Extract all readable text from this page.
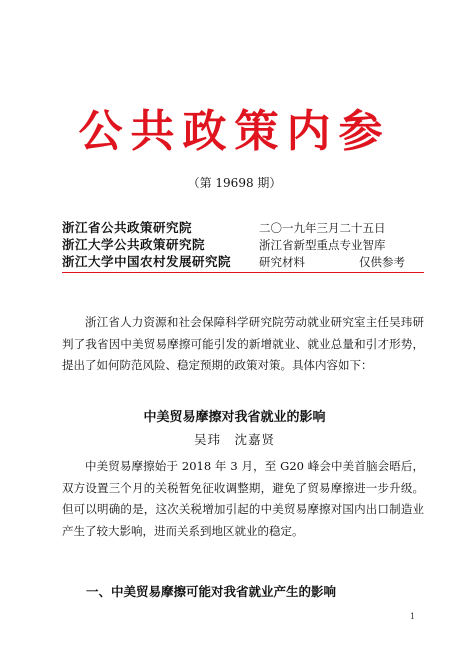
公共政策内参
（第 19698 期）
浙江省公共政策研究院	二〇一九年三月二十五日
浙江大学公共政策研究院	浙江省新型重点专业智库
浙江大学中国农村发展研究院 研究材料	仅供参考
浙江省人力资源和社会保障科学研究院劳动就业研究室主任吴玮研判了我省因中美贸易摩擦可能引发的新增就业、就业总量和引才形势，提出了如何防范风险、稳定预期的政策对策。具体内容如下：
中美贸易摩擦对我省就业的影响
吴玮　沈嘉贤
中美贸易摩擦始于 2018 年 3 月，至 G20 峰会中美首脑会晤后，双方设置三个月的关税暂免征收调整期，避免了贸易摩擦进一步升级。但可以明确的是，这次关税增加引起的中美贸易摩擦对国内出口制造业产生了较大影响，进而关系到地区就业的稳定。
一、中美贸易摩擦可能对我省就业产生的影响
1
